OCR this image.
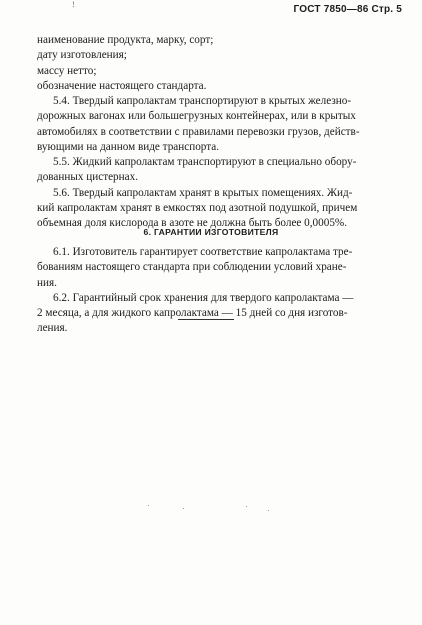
!	ГОСТ 7850—86 Стр. 5
наименование продукта, марку, сорт;
дату изготовления;
массу нетто;
обозначение настоящего стандарта.
5.4. Твердый капролактам транспортируют в крытых железно-
дорожных вагонах или большегрузных контейнерах, или в крытых
автомобилях в соответствии с правилами перевозки грузов, действ-
вующими на данном виде транспорта.
5.5. Жидкий капролактам транспортируют в специально обору-
дованных цистернах.
5.6. Твердый капролактам хранят в крытых помещениях. Жид-
кий капролактам хранят в емкостях под азотной подушкой, причем
объемная доля кислорода в азоте не должна быть более 0,0005%.
6. ГАРАНТИИ ИЗГОТОВИТЕЛЯ
6.1. Изготовитель гарантирует соответствие капролактама тре-
бованиям настоящего стандарта при соблюдении условий хране-
ния.
6.2. Гарантийный срок хранения для твердого капролактама —
2 месяца, а для жидкого капролактама — 15 дней со дня изготов-
ления.
